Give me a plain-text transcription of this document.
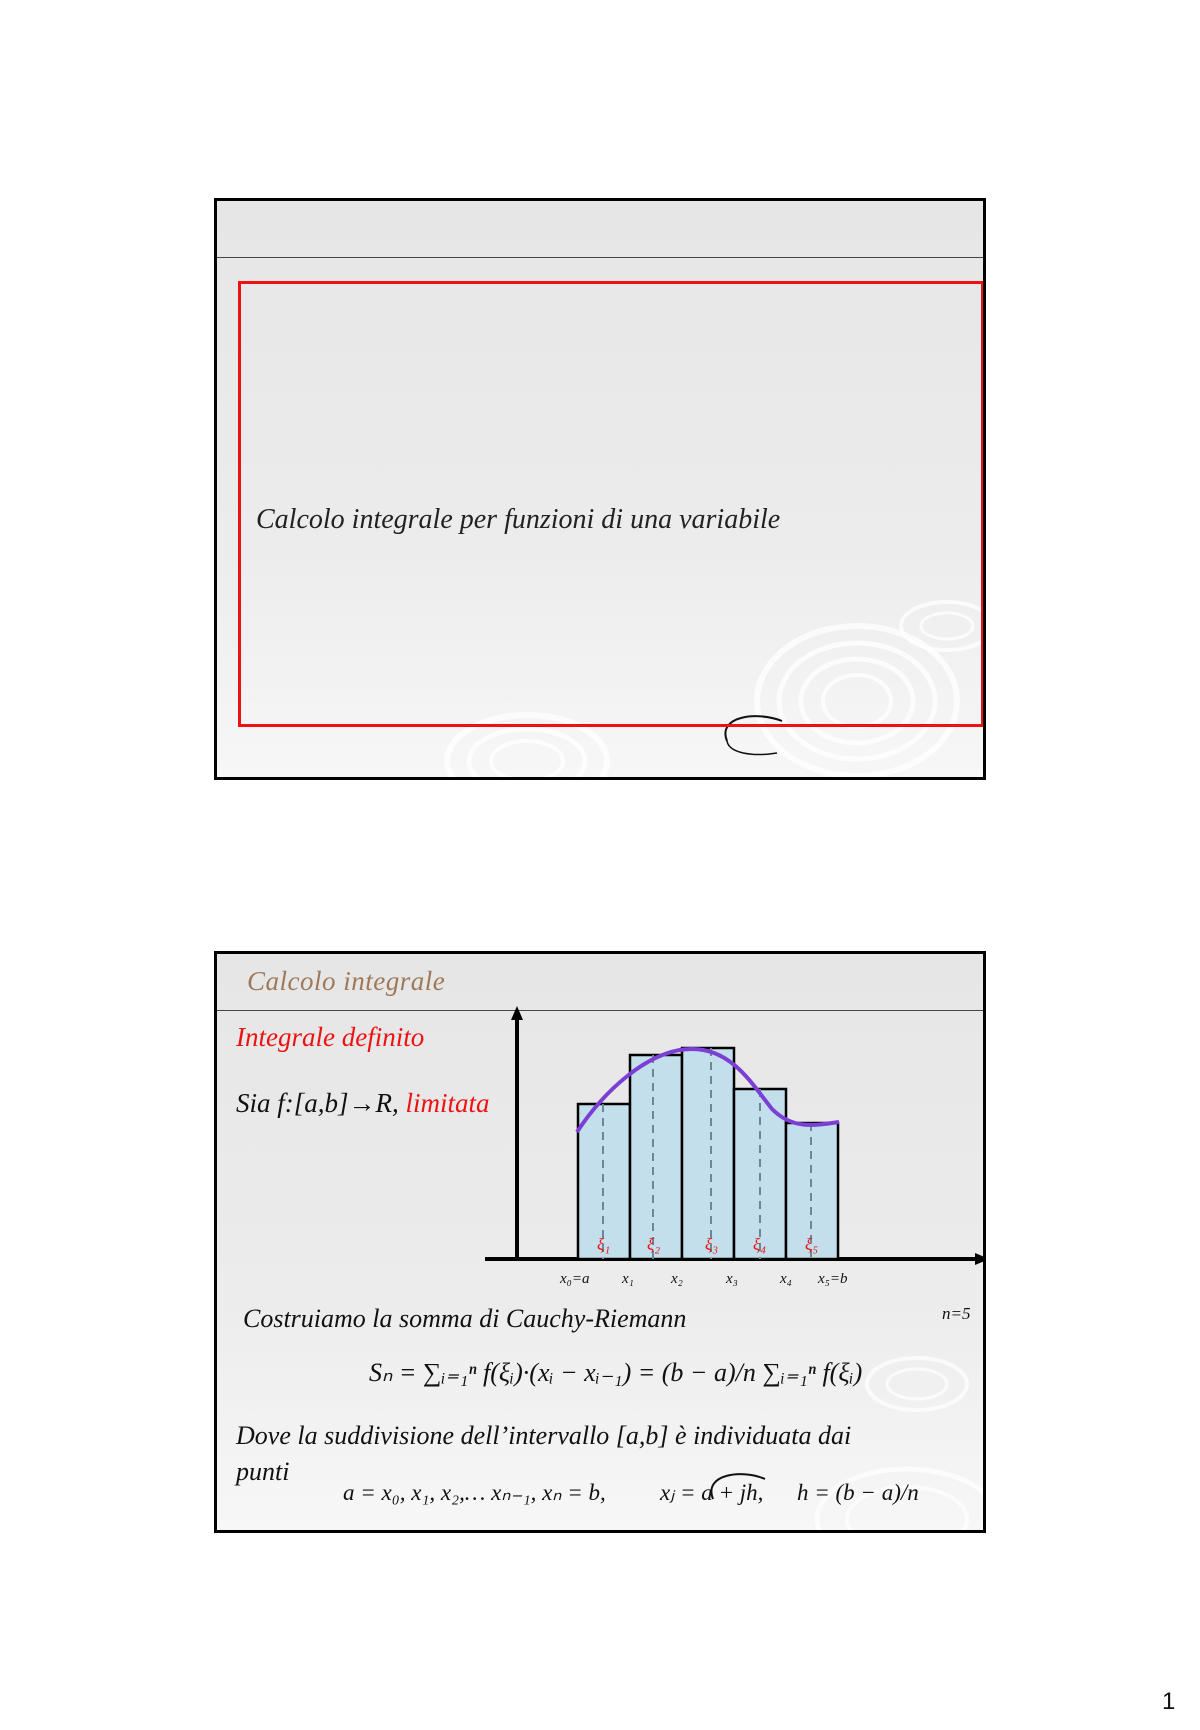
Calcolo integrale per funzioni di una variabile
Calcolo integrale
Integrale definito
Sia f:[a,b]→R, limitata
ξ₁ ξ₂	ξ₃ ξ₄ ξ₅
x₀=a x₁ x₂	x₃	x₄ x₅=b
n=5
Costruiamo la somma di Cauchy-Riemann
Sₙ = ∑ᵢ₌₁ⁿ f(ξᵢ)·(xᵢ − xᵢ₋₁) = (b − a)/n ∑ᵢ₌₁ⁿ f(ξᵢ)
Dove la suddivisione dell’intervallo [a,b] è individuata dai
punti
a = x₀, x₁, x₂,… xₙ₋₁, xₙ = b, xⱼ = a + jh, h = (b − a)/n
1
